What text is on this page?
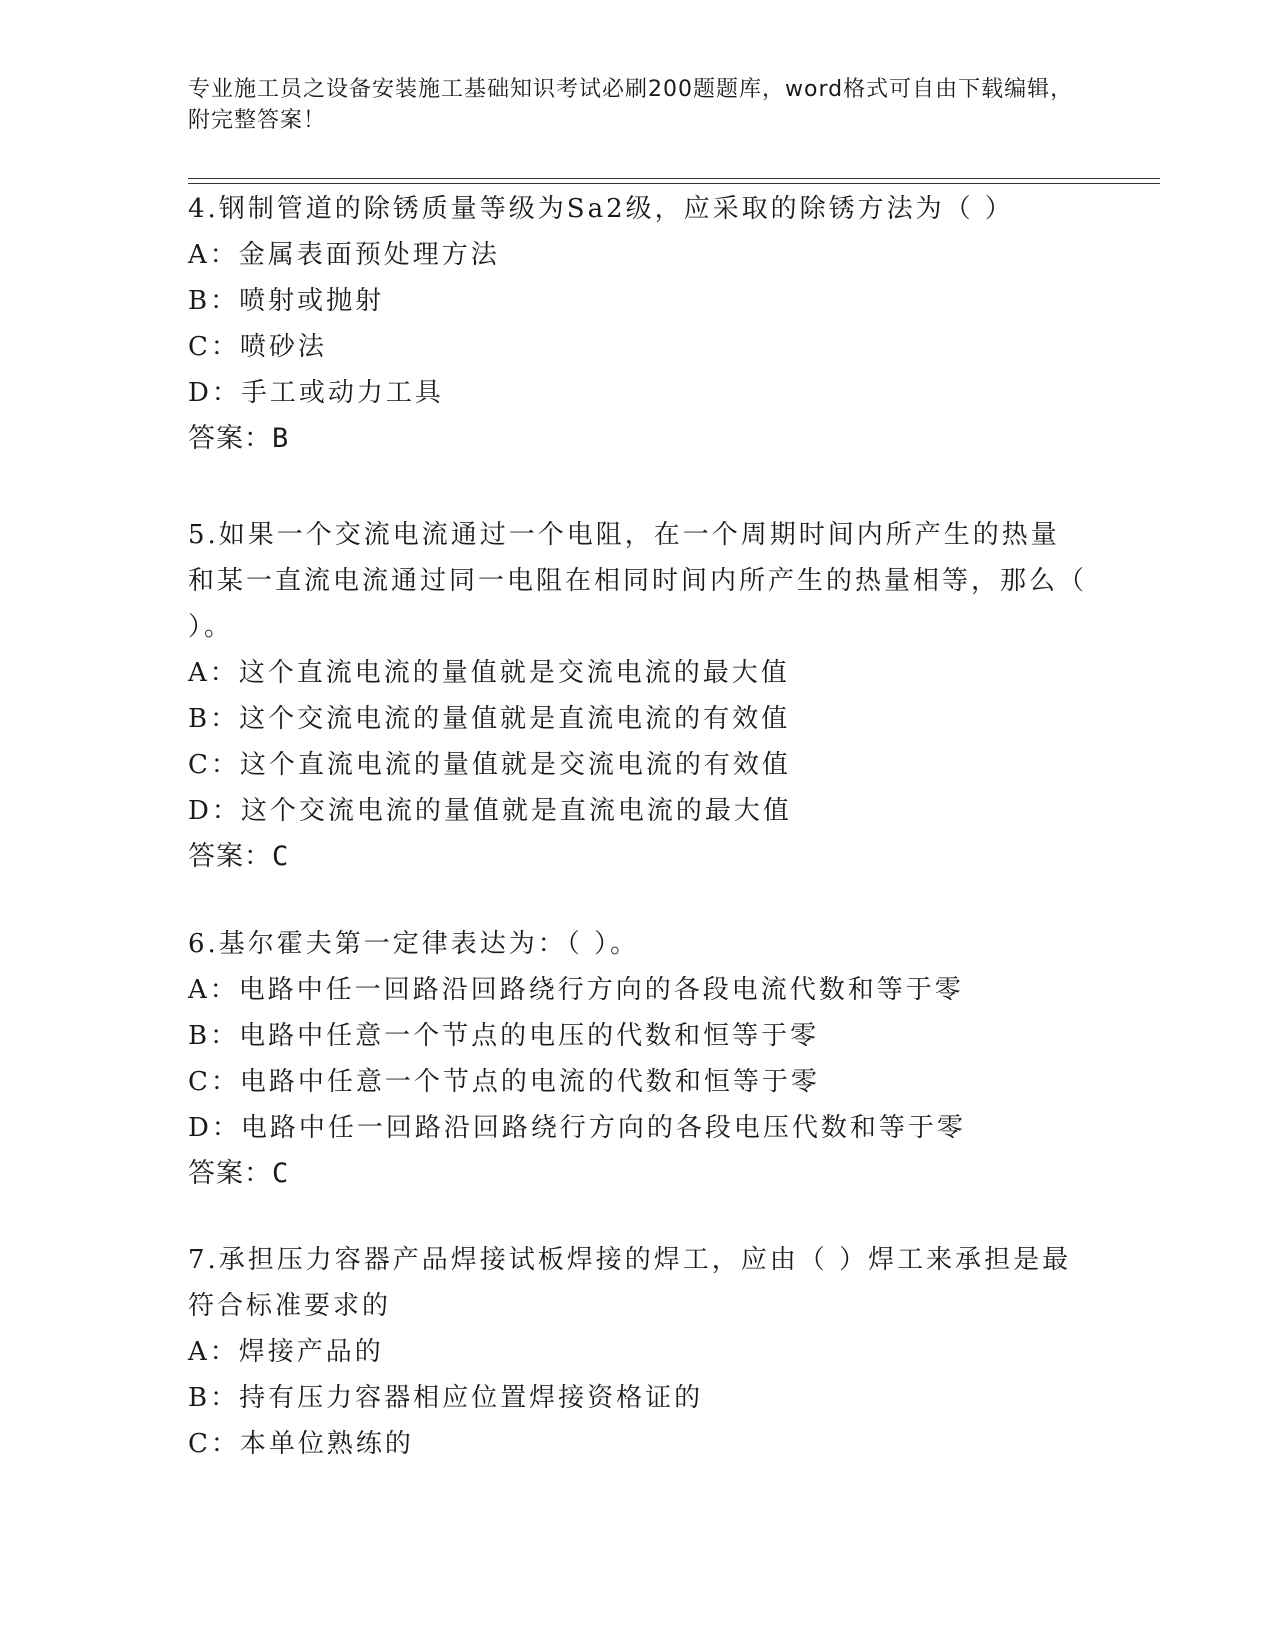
专业施工员之设备安装施工基础知识考试必刷200题题库，word格式可自由下载编辑，附完整答案！
4.钢制管道的除锈质量等级为Sa2级，应采取的除锈方法为（ ）
A：金属表面预处理方法
B：喷射或抛射
C：喷砂法
D：手工或动力工具
答案：B
5.如果一个交流电流通过一个电阻，在一个周期时间内所产生的热量和某一直流电流通过同一电阻在相同时间内所产生的热量相等，那么（ ）。
A：这个直流电流的量值就是交流电流的最大值
B：这个交流电流的量值就是直流电流的有效值
C：这个直流电流的量值就是交流电流的有效值
D：这个交流电流的量值就是直流电流的最大值
答案：C
6.基尔霍夫第一定律表达为：（ ）。
A：电路中任一回路沿回路绕行方向的各段电流代数和等于零
B：电路中任意一个节点的电压的代数和恒等于零
C：电路中任意一个节点的电流的代数和恒等于零
D：电路中任一回路沿回路绕行方向的各段电压代数和等于零
答案：C
7.承担压力容器产品焊接试板焊接的焊工，应由（ ）焊工来承担是最符合标准要求的
A：焊接产品的
B：持有压力容器相应位置焊接资格证的
C：本单位熟练的
